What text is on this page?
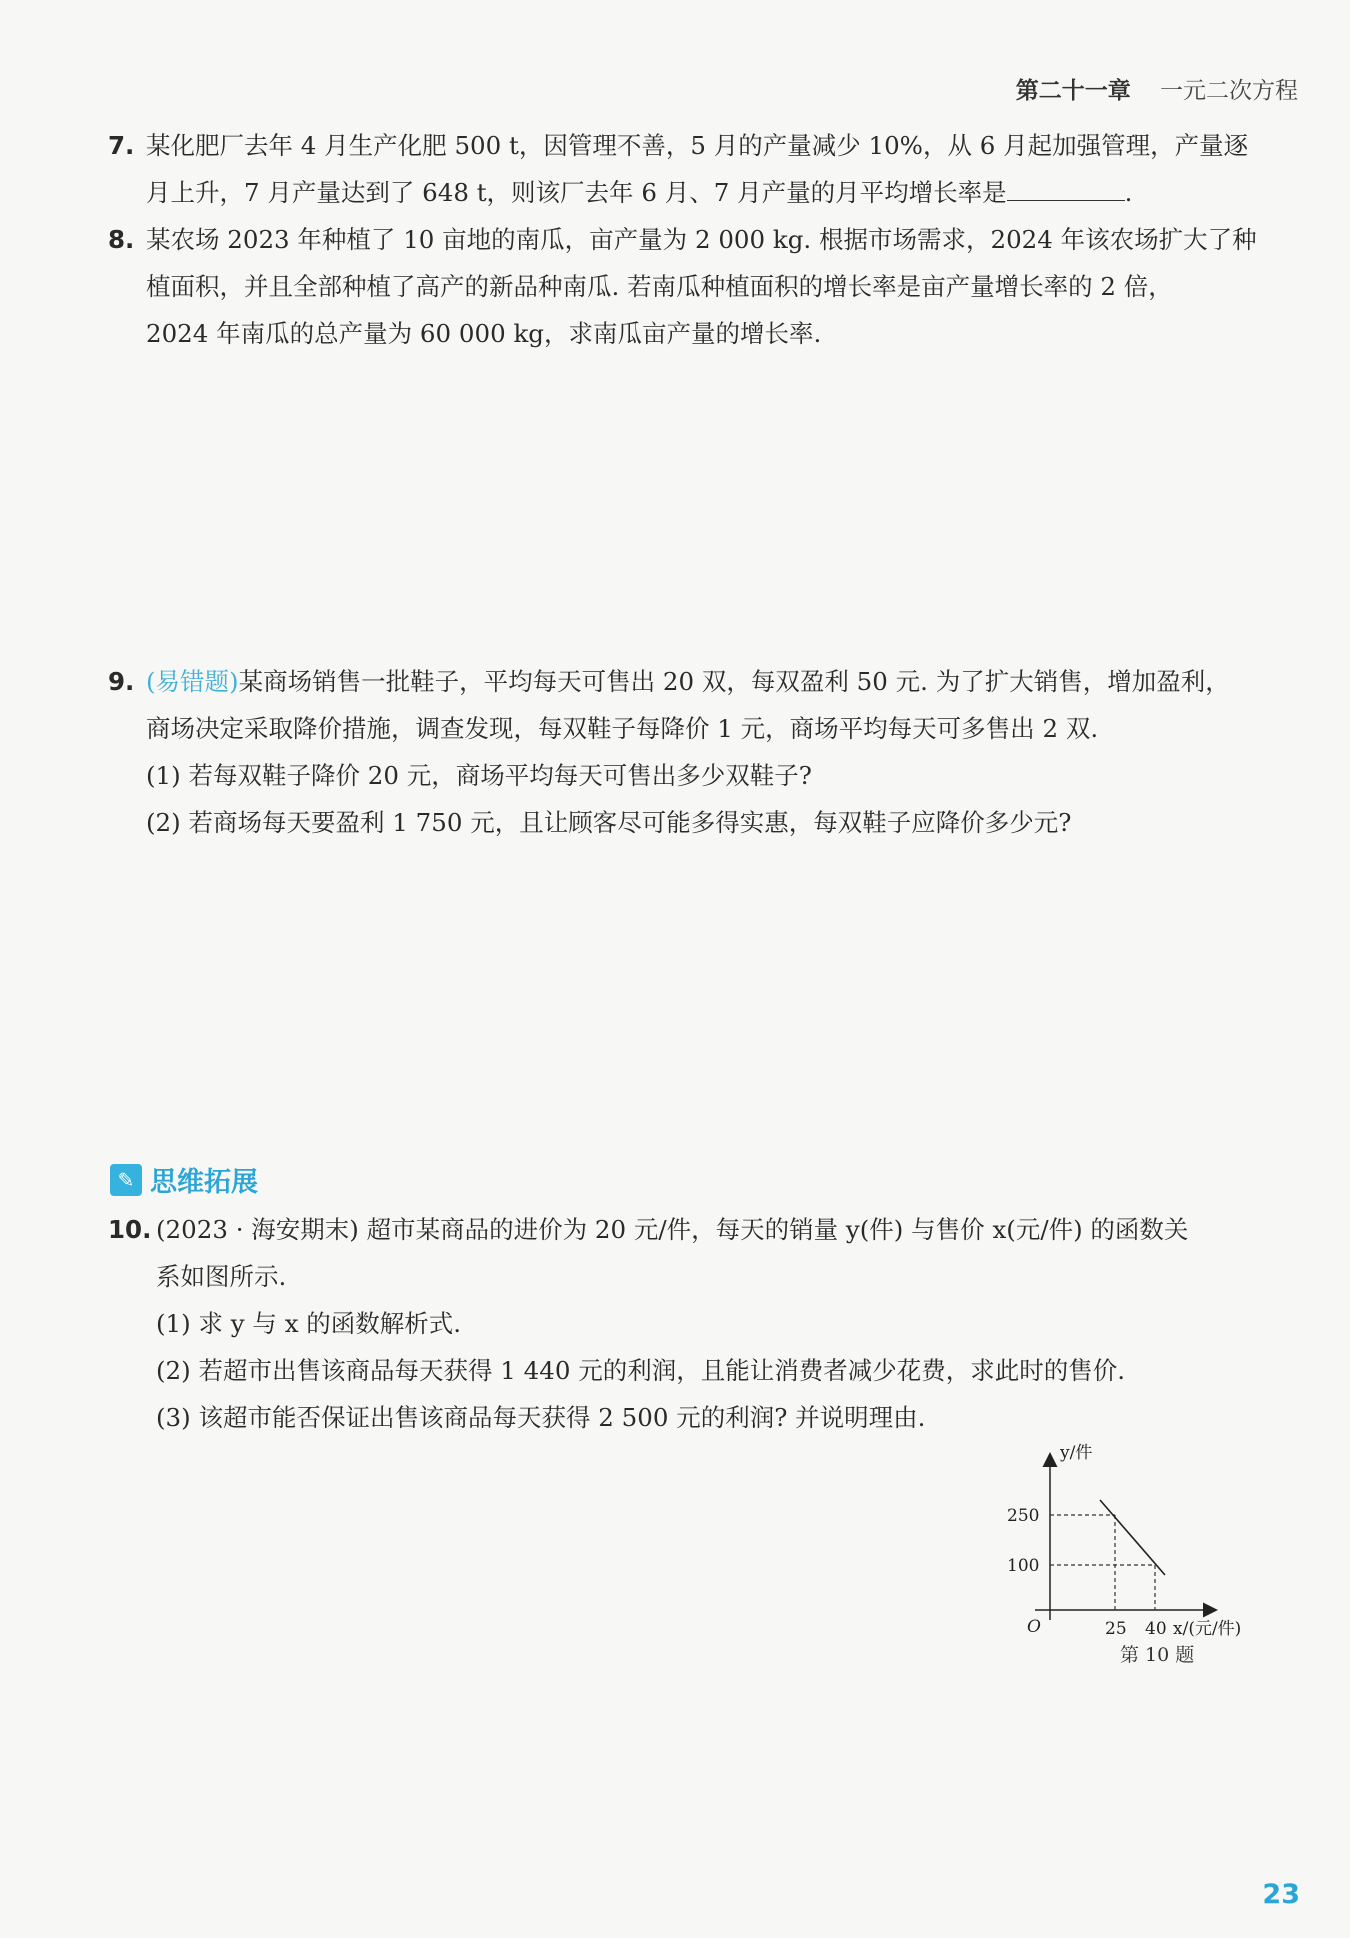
第二十一章 一元二次方程

7. 某化肥厂去年 4 月生产化肥 500 t，因管理不善，5 月的产量减少 10%，从 6 月起加强管理，产量逐

月上升，7 月产量达到了 648 t，则该厂去年 6 月、7 月产量的月平均增长率是	.

8. 某农场 2023 年种植了 10 亩地的南瓜，亩产量为 2 000 kg. 根据市场需求，2024 年该农场扩大了种

植面积，并且全部种植了高产的新品种南瓜. 若南瓜种植面积的增长率是亩产量增长率的 2 倍，

2024 年南瓜的总产量为 60 000 kg，求南瓜亩产量的增长率.

9. (易错题)某商场销售一批鞋子，平均每天可售出 20 双，每双盈利 50 元. 为了扩大销售，增加盈利，

商场决定采取降价措施，调查发现，每双鞋子每降价 1 元，商场平均每天可多售出 2 双.

(1) 若每双鞋子降价 20 元，商场平均每天可售出多少双鞋子?

(2) 若商场每天要盈利 1 750 元，且让顾客尽可能多得实惠，每双鞋子应降价多少元?

✎ 思维拓展

10. (2023 · 海安期末) 超市某商品的进价为 20 元/件，每天的销量 y(件) 与售价 x(元/件) 的函数关

系如图所示.

(1) 求 y 与 x 的函数解析式.

(2) 若超市出售该商品每天获得 1 440 元的利润，且能让消费者减少花费，求此时的售价.

(3) 该超市能否保证出售该商品每天获得 2 500 元的利润? 并说明理由.

y/件
250
100
O	25 40 x/(元/件)
第 10 题
23
